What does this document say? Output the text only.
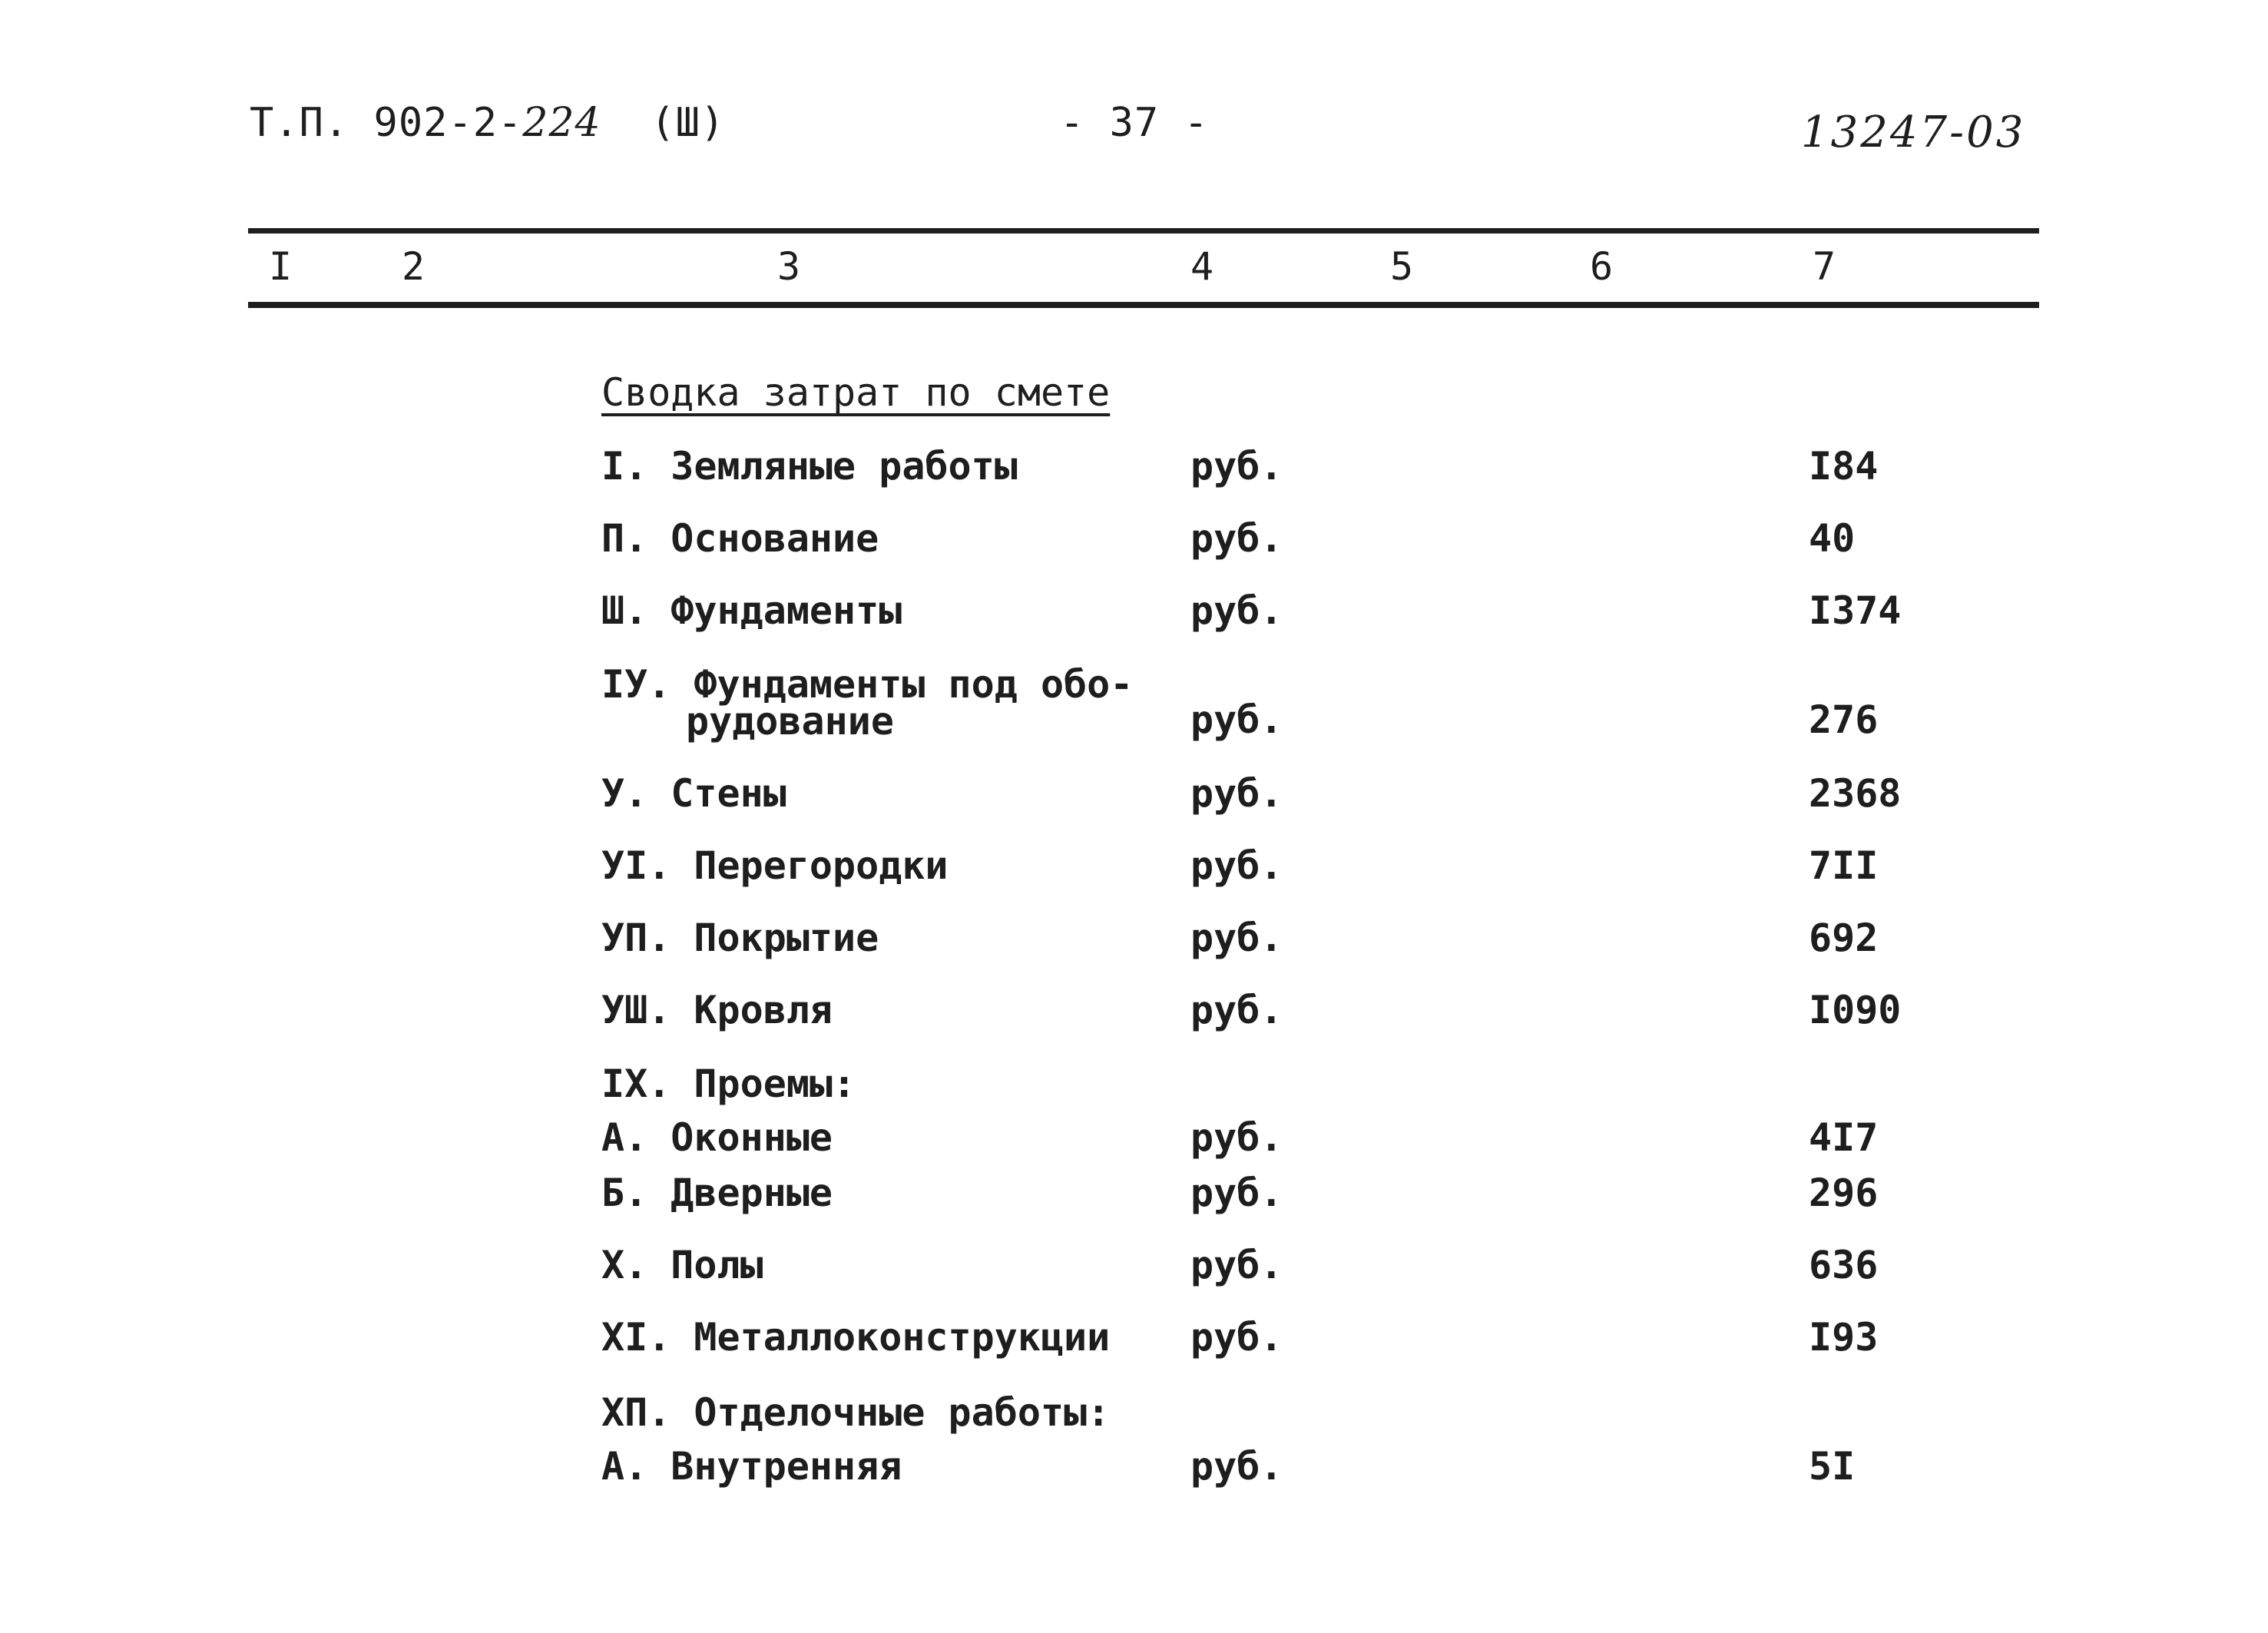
Т.П. 902-2-224 (Ш)	- 37 -	13247-03
I	2	3	4	5	6	7
Сводка затрат по смете
I. Земляные работы	руб.	I84
П. Основание	руб.	40
Ш. Фундаменты	руб.	I374
IУ. Фундаменты под обо-
рудование	руб.	276
У. Стены	руб.	2368
УI. Перегородки	руб.	7II
УП. Покрытие	руб.	692
УШ. Кровля	руб.	I090
IX. Проемы:
А. Оконные	руб.	4I7
Б. Дверные	руб.	296
Х. Полы	руб.	636
XI. Металлоконструкции руб.	I93
ХП. Отделочные работы:
А. Внутренняя	руб.	5I
